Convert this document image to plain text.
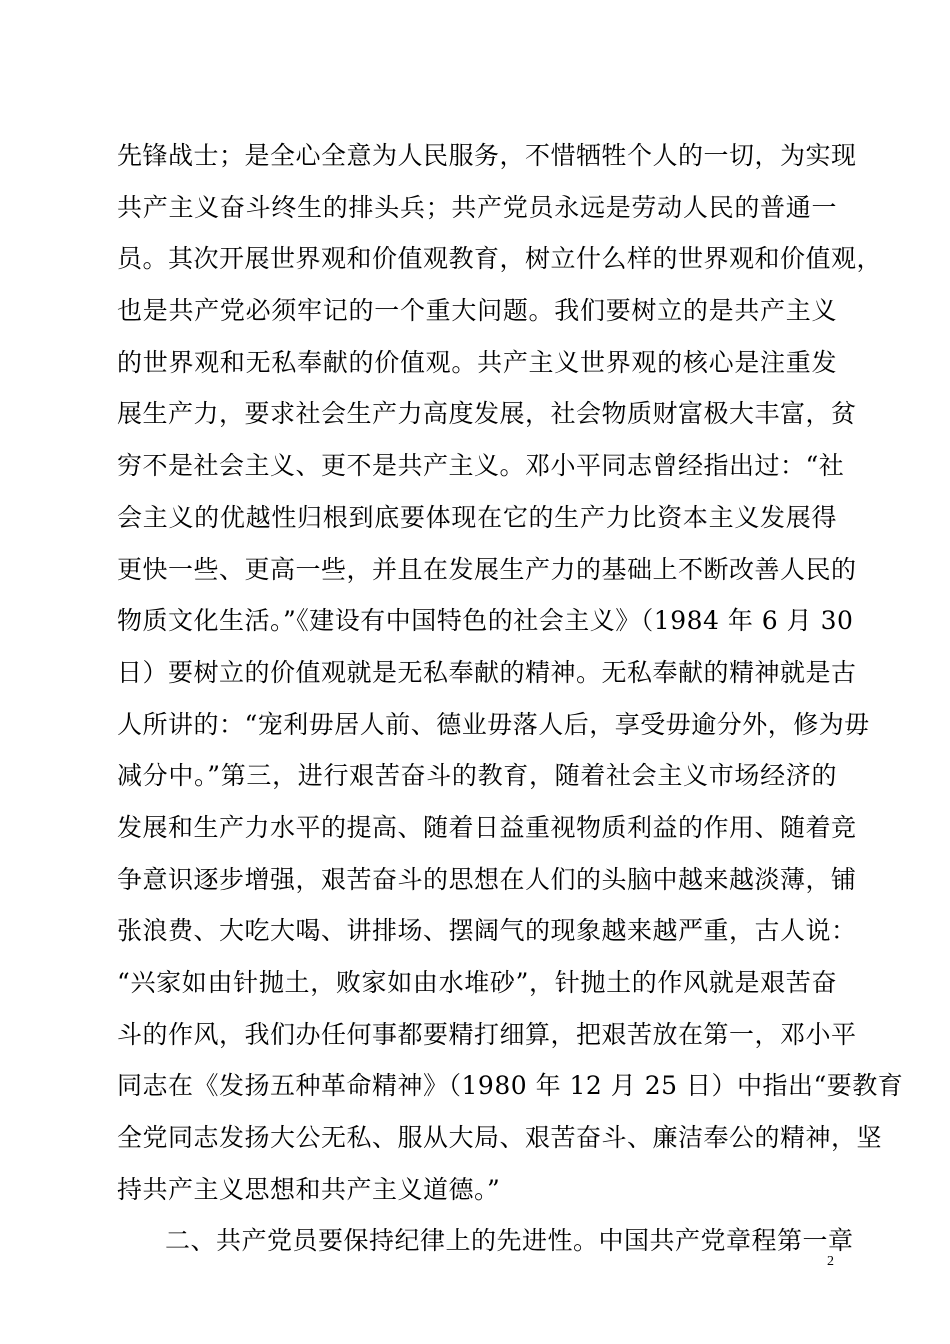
先锋战士；是全心全意为人民服务，不惜牺牲个人的一切，为实现
共产主义奋斗终生的排头兵；共产党员永远是劳动人民的普通一
员。其次开展世界观和价值观教育，树立什么样的世界观和价值观，
也是共产党必须牢记的一个重大问题。我们要树立的是共产主义
的世界观和无私奉献的价值观。共产主义世界观的核心是注重发
展生产力，要求社会生产力高度发展，社会物质财富极大丰富，贫
穷不是社会主义、更不是共产主义。邓小平同志曾经指出过：“社
会主义的优越性归根到底要体现在它的生产力比资本主义发展得
更快一些、更高一些，并且在发展生产力的基础上不断改善人民的
物质文化生活。”《建设有中国特色的社会主义》（1984 年 6 月 30
日）要树立的价值观就是无私奉献的精神。无私奉献的精神就是古
人所讲的：“宠利毋居人前、德业毋落人后，享受毋逾分外，修为毋
减分中。”第三，进行艰苦奋斗的教育，随着社会主义市场经济的
发展和生产力水平的提高、随着日益重视物质利益的作用、随着竞
争意识逐步增强，艰苦奋斗的思想在人们的头脑中越来越淡薄，铺
张浪费、大吃大喝、讲排场、摆阔气的现象越来越严重，古人说：
“兴家如由针抛土，败家如由水堆砂”，针抛土的作风就是艰苦奋
斗的作风，我们办任何事都要精打细算，把艰苦放在第一，邓小平
同志在《发扬五种革命精神》（1980 年 12 月 25 日）中指出“要教育
全党同志发扬大公无私、服从大局、艰苦奋斗、廉洁奉公的精神，坚
持共产主义思想和共产主义道德。”
二、共产党员要保持纪律上的先进性。中国共产党章程第一章
2
